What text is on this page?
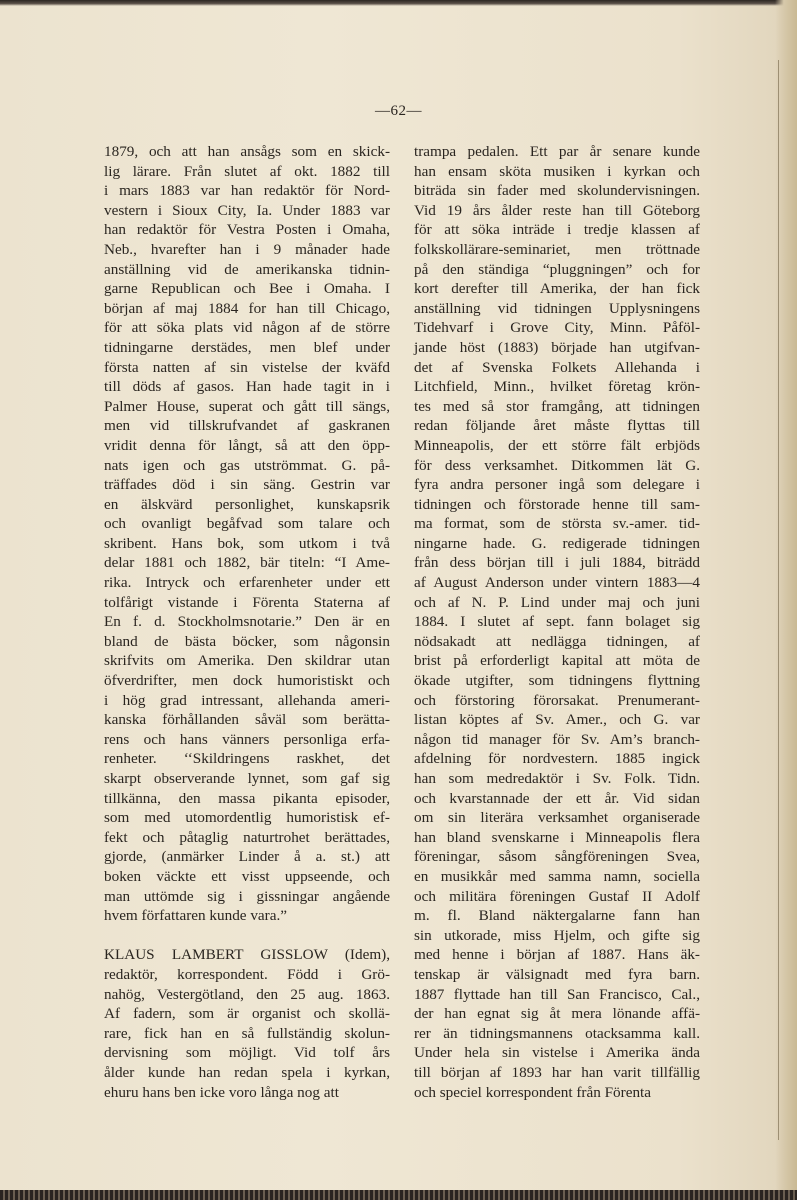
—62—
1879, och att han ansågs som en skick-
lig lärare. Från slutet af okt. 1882 till
i mars 1883 var han redaktör för Nord-
vestern i Sioux City, Ia. Under 1883 var
han redaktör för Vestra Posten i Omaha,
Neb., hvarefter han i 9 månader hade
anställning vid de amerikanska tidnin-
garne Republican och Bee i Omaha. I
början af maj 1884 for han till Chicago,
för att söka plats vid någon af de större
tidningarne derstädes, men blef under
första natten af sin vistelse der kväfd
till döds af gasos. Han hade tagit in i
Palmer House, superat och gått till sängs,
men vid tillskrufvandet af gaskranen
vridit denna för långt, så att den öpp-
nats igen och gas utströmmat. G. på-
träffades död i sin säng. Gestrin var
en älskvärd personlighet, kunskapsrik
och ovanligt begåfvad som talare och
skribent. Hans bok, som utkom i två
delar 1881 och 1882, bär titeln: “I Ame-
rika. Intryck och erfarenheter under ett
tolfårigt vistande i Förenta Staterna af
En f. d. Stockholmsnotarie.” Den är en
bland de bästa böcker, som någonsin
skrifvits om Amerika. Den skildrar utan
öfverdrifter, men dock humoristiskt och
i hög grad intressant, allehanda ameri-
kanska förhållanden såväl som berätta-
rens och hans vänners personliga erfa-
renheter. ‘‘Skildringens raskhet, det
skarpt observerande lynnet, som gaf sig
tillkänna, den massa pikanta episoder,
som med utomordentlig humoristisk ef-
fekt och påtaglig naturtrohet berättades,
gjorde, (anmärker Linder å a. st.) att
boken väckte ett visst uppseende, och
man uttömde sig i gissningar angående
hvem författaren kunde vara.”
KLAUS LAMBERT GISSLOW (Idem),
redaktör, korrespondent. Född i Grö-
nahög, Vestergötland, den 25 aug. 1863.
Af fadern, som är organist och skollä-
rare, fick han en så fullständig skolun-
dervisning som möjligt. Vid tolf års
ålder kunde han redan spela i kyrkan,
ehuru hans ben icke voro långa nog att
trampa pedalen. Ett par år senare kunde
han ensam sköta musiken i kyrkan och
biträda sin fader med skolundervisningen.
Vid 19 års ålder reste han till Göteborg
för att söka inträde i tredje klassen af
folkskollärare-seminariet, men tröttnade
på den ständiga “pluggningen” och for
kort derefter till Amerika, der han fick
anställning vid tidningen Upplysningens
Tidehvarf i Grove City, Minn. Påföl-
jande höst (1883) började han utgifvan-
det af Svenska Folkets Allehanda i
Litchfield, Minn., hvilket företag krön-
tes med så stor framgång, att tidningen
redan följande året måste flyttas till
Minneapolis, der ett större fält erbjöds
för dess verksamhet. Ditkommen lät G.
fyra andra personer ingå som delegare i
tidningen och förstorade henne till sam-
ma format, som de största sv.-amer. tid-
ningarne hade. G. redigerade tidningen
från dess början till i juli 1884, biträdd
af August Anderson under vintern 1883—4
och af N. P. Lind under maj och juni
1884. I slutet af sept. fann bolaget sig
nödsakadt att nedlägga tidningen, af
brist på erforderligt kapital att möta de
ökade utgifter, som tidningens flyttning
och förstoring förorsakat. Prenumerant-
listan köptes af Sv. Amer., och G. var
någon tid manager för Sv. Am’s branch-
afdelning för nordvestern. 1885 ingick
han som medredaktör i Sv. Folk. Tidn.
och kvarstannade der ett år. Vid sidan
om sin literära verksamhet organiserade
han bland svenskarne i Minneapolis flera
föreningar, såsom sångföreningen Svea,
en musikkår med samma namn, sociella
och militära föreningen Gustaf II Adolf
m. fl. Bland näktergalarne fann han
sin utkorade, miss Hjelm, och gifte sig
med henne i början af 1887. Hans äk-
tenskap är välsignadt med fyra barn.
1887 flyttade han till San Francisco, Cal.,
der han egnat sig åt mera lönande affä-
rer än tidningsmannens otacksamma kall.
Under hela sin vistelse i Amerika ända
till början af 1893 har han varit tillfällig
och speciel korrespondent från Förenta
